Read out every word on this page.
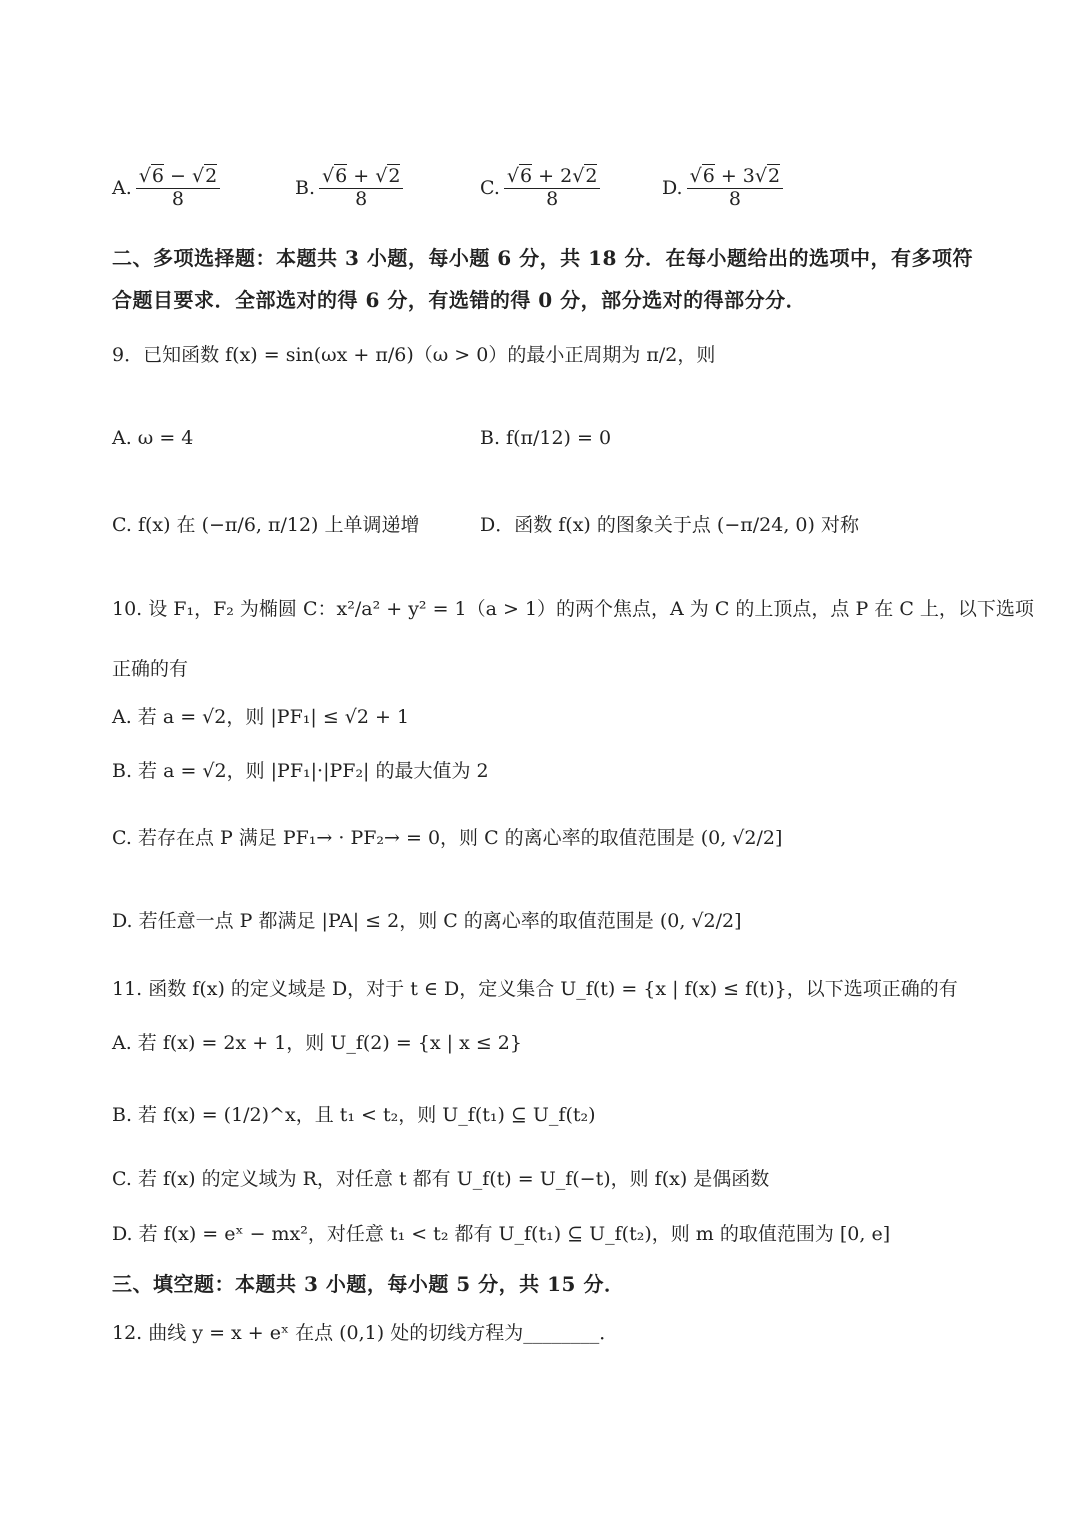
A. $\frac{√6 - √2}{8}$	B. $\frac{√6 + √2}{8}$	C. $\frac{√6 + 2√2}{8}$	D. $\frac{√6 + 3√2}{8}$
二、多项选择题：本题共 3 小题，每小题 6 分，共 18 分．在每小题给出的选项中，有多项符
合题目要求．全部选对的得 6 分，有选错的得 0 分，部分选对的得部分分．
9．已知函数 f(x) = sin(ωx + π/6)（ω > 0）的最小正周期为 π/2，则
A. ω = 4	B. f(π/12) = 0
C. f(x) 在 (−π/6, π/12) 上单调递增	D．函数 f(x) 的图象关于点 (−π/24, 0) 对称
10. 设 F₁，F₂ 为椭圆 C：x²/a² + y² = 1（a > 1）的两个焦点，A 为 C 的上顶点，点 P 在 C 上，以下选项
正确的有
A. 若 a = √2，则 |PF₁| ≤ √2 + 1
B. 若 a = √2，则 |PF₁|·|PF₂| 的最大值为 2
C. 若存在点 P 满足 PF₁→ · PF₂→ = 0，则 C 的离心率的取值范围是 (0, √2/2]
D. 若任意一点 P 都满足 |PA| ≤ 2，则 C 的离心率的取值范围是 (0, √2/2]
11. 函数 f(x) 的定义域是 D，对于 t ∈ D，定义集合 U_f(t) = {x | f(x) ≤ f(t)}，以下选项正确的有
A. 若 f(x) = 2x + 1，则 U_f(2) = {x | x ≤ 2}
B. 若 f(x) = (1/2)^x，且 t₁ < t₂，则 U_f(t₁) ⊆ U_f(t₂)
C. 若 f(x) 的定义域为 R，对任意 t 都有 U_f(t) = U_f(−t)，则 f(x) 是偶函数
D. 若 f(x) = eˣ − mx²，对任意 t₁ < t₂ 都有 U_f(t₁) ⊆ U_f(t₂)，则 m 的取值范围为 [0, e]
三、填空题：本题共 3 小题，每小题 5 分，共 15 分．
12. 曲线 y = x + eˣ 在点 (0,1) 处的切线方程为________．
